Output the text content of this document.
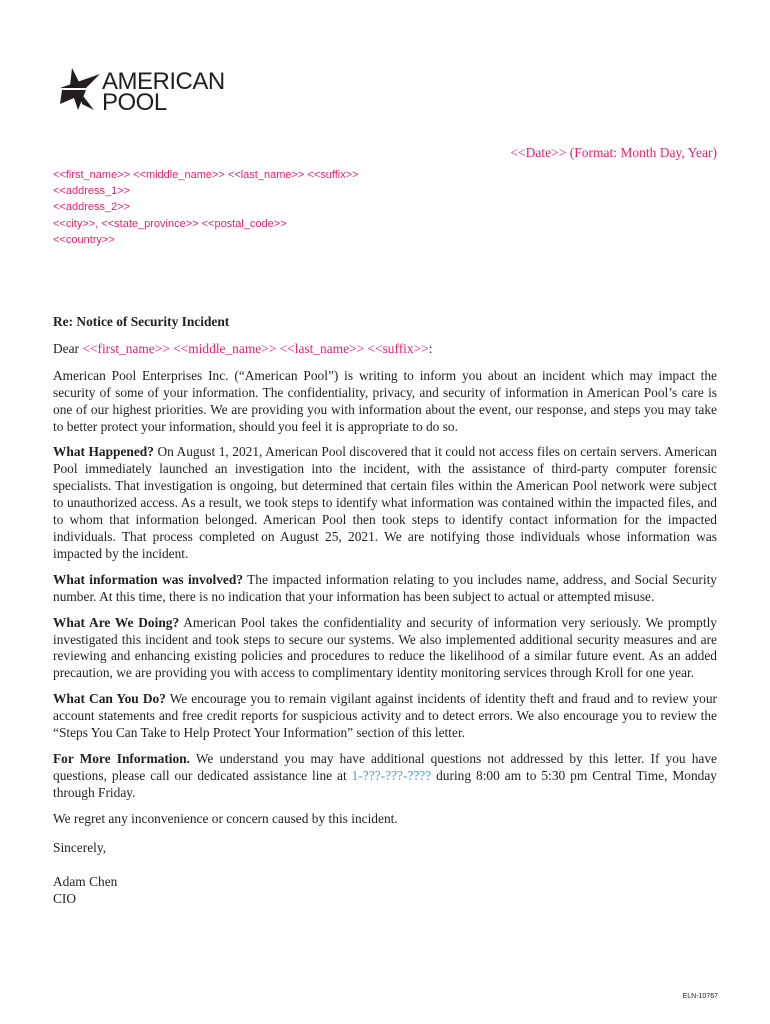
AMERICAN
POOL
<<Date>> (Format: Month Day, Year)
<<first_name>> <<middle_name>> <<last_name>> <<suffix>>
<<address_1>>
<<address_2>>
<<city>>, <<state_province>> <<postal_code>>
<<country>>

Re: Notice of Security Incident

Dear <<first_name>> <<middle_name>> <<last_name>> <<suffix>>:

American Pool Enterprises Inc. (“American Pool”) is writing to inform you about an incident which may impact the security of some of your information. The confidentiality, privacy, and security of information in American Pool’s care is one of our highest priorities. We are providing you with information about the event, our response, and steps you may take to better protect your information, should you feel it is appropriate to do so.

What Happened? On August 1, 2021, American Pool discovered that it could not access files on certain servers. American Pool immediately launched an investigation into the incident, with the assistance of third-party computer forensic specialists. That investigation is ongoing, but determined that certain files within the American Pool network were subject to unauthorized access. As a result, we took steps to identify what information was contained within the impacted files, and to whom that information belonged. American Pool then took steps to identify contact information for the impacted individuals. That process completed on August 25, 2021. We are notifying those individuals whose information was impacted by the incident.

What information was involved? The impacted information relating to you includes name, address, and Social Security number. At this time, there is no indication that your information has been subject to actual or attempted misuse.

What Are We Doing? American Pool takes the confidentiality and security of information very seriously. We promptly investigated this incident and took steps to secure our systems. We also implemented additional security measures and are reviewing and enhancing existing policies and procedures to reduce the likelihood of a similar future event. As an added precaution, we are providing you with access to complimentary identity monitoring services through Kroll for one year.

What Can You Do? We encourage you to remain vigilant against incidents of identity theft and fraud and to review your account statements and free credit reports for suspicious activity and to detect errors. We also encourage you to review the “Steps You Can Take to Help Protect Your Information” section of this letter.

For More Information. We understand you may have additional questions not addressed by this letter. If you have questions, please call our dedicated assistance line at 1-???-???-???? during 8:00 am to 5:30 pm Central Time, Monday through Friday.

We regret any inconvenience or concern caused by this incident.

Sincerely,

Adam Chen

CIO

ELN-10767
